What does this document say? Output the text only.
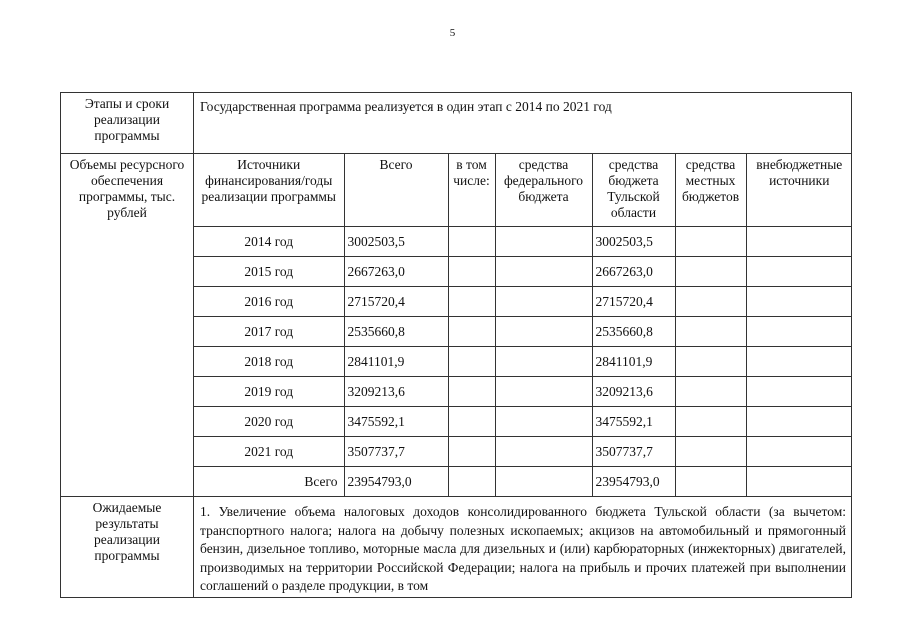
5
Этапы и сроки реализации программы	
Государственная программа реализуется в один этап с 2014 по 2021 год

Объемы ресурсного обеспечения программы, тыс. рублей	
Источники финансирования/годы реализации программы	Всего	в том числе:	средства федерального бюджета	средства бюджета Тульской области	средства местных бюджетов	внебюджетные источники
2014 год	3002503,5			3002503,5		
2015 год	2667263,0			2667263,0		
2016 год	2715720,4			2715720,4		
2017 год	2535660,8			2535660,8		
2018 год	2841101,9			2841101,9		
2019 год	3209213,6			3209213,6		
2020 год	3475592,1			3475592,1		
2021 год	3507737,7			3507737,7		
Всего	23954793,0			23954793,0		

Ожидаемые результаты реализации программы	
1. Увеличение объема налоговых доходов консолидированного бюджета Тульской области (за вычетом: транспортного налога; налога на добычу полезных ископаемых; акцизов на автомобильный и прямогонный бензин, дизельное топливо, моторные масла для дизельных и (или) карбюраторных (инжекторных) двигателей, производимых на территории Российской Федерации; налога на прибыль и прочих платежей при выполнении соглашений о разделе продукции, в том
